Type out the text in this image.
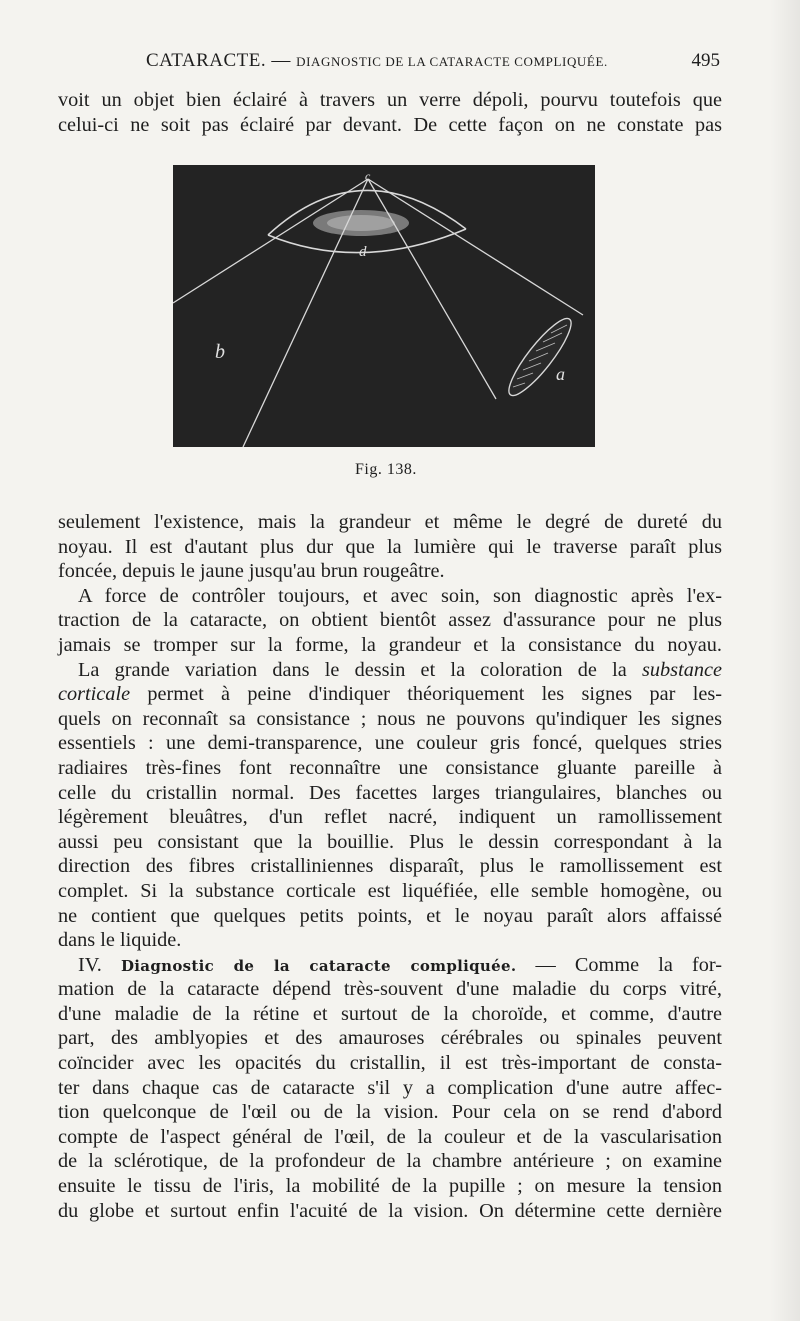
CATARACTE. — DIAGNOSTIC DE LA CATARACTE COMPLIQUÉE.	495
voit un objet bien éclairé à travers un verre dépoli, pourvu toutefois que
celui-ci ne soit pas éclairé par devant. De cette façon on ne constate pas
c
d
b
a
Fig. 138.
seulement l'existence, mais la grandeur et même le degré de dureté du
noyau. Il est d'autant plus dur que la lumière qui le traverse paraît plus
foncée, depuis le jaune jusqu'au brun rougeâtre.
A force de contrôler toujours, et avec soin, son diagnostic après l'ex-
traction de la cataracte, on obtient bientôt assez d'assurance pour ne plus
jamais se tromper sur la forme, la grandeur et la consistance du noyau.
La grande variation dans le dessin et la coloration de la substance
corticale permet à peine d'indiquer théoriquement les signes par les-
quels on reconnaît sa consistance ; nous ne pouvons qu'indiquer les signes
essentiels : une demi-transparence, une couleur gris foncé, quelques stries
radiaires très-fines font reconnaître une consistance gluante pareille à
celle du cristallin normal. Des facettes larges triangulaires, blanches ou
légèrement bleuâtres, d'un reflet nacré, indiquent un ramollissement
aussi peu consistant que la bouillie. Plus le dessin correspondant à la
direction des fibres cristalliniennes disparaît, plus le ramollissement est
complet. Si la substance corticale est liquéfiée, elle semble homogène, ou
ne contient que quelques petits points, et le noyau paraît alors affaissé
dans le liquide.
IV. Diagnostic de la cataracte compliquée. — Comme la for-
mation de la cataracte dépend très-souvent d'une maladie du corps vitré,
d'une maladie de la rétine et surtout de la choroïde, et comme, d'autre
part, des amblyopies et des amauroses cérébrales ou spinales peuvent
coïncider avec les opacités du cristallin, il est très-important de consta-
ter dans chaque cas de cataracte s'il y a complication d'une autre affec-
tion quelconque de l'œil ou de la vision. Pour cela on se rend d'abord
compte de l'aspect général de l'œil, de la couleur et de la vascularisation
de la sclérotique, de la profondeur de la chambre antérieure ; on examine
ensuite le tissu de l'iris, la mobilité de la pupille ; on mesure la tension
du globe et surtout enfin l'acuité de la vision. On détermine cette dernière
